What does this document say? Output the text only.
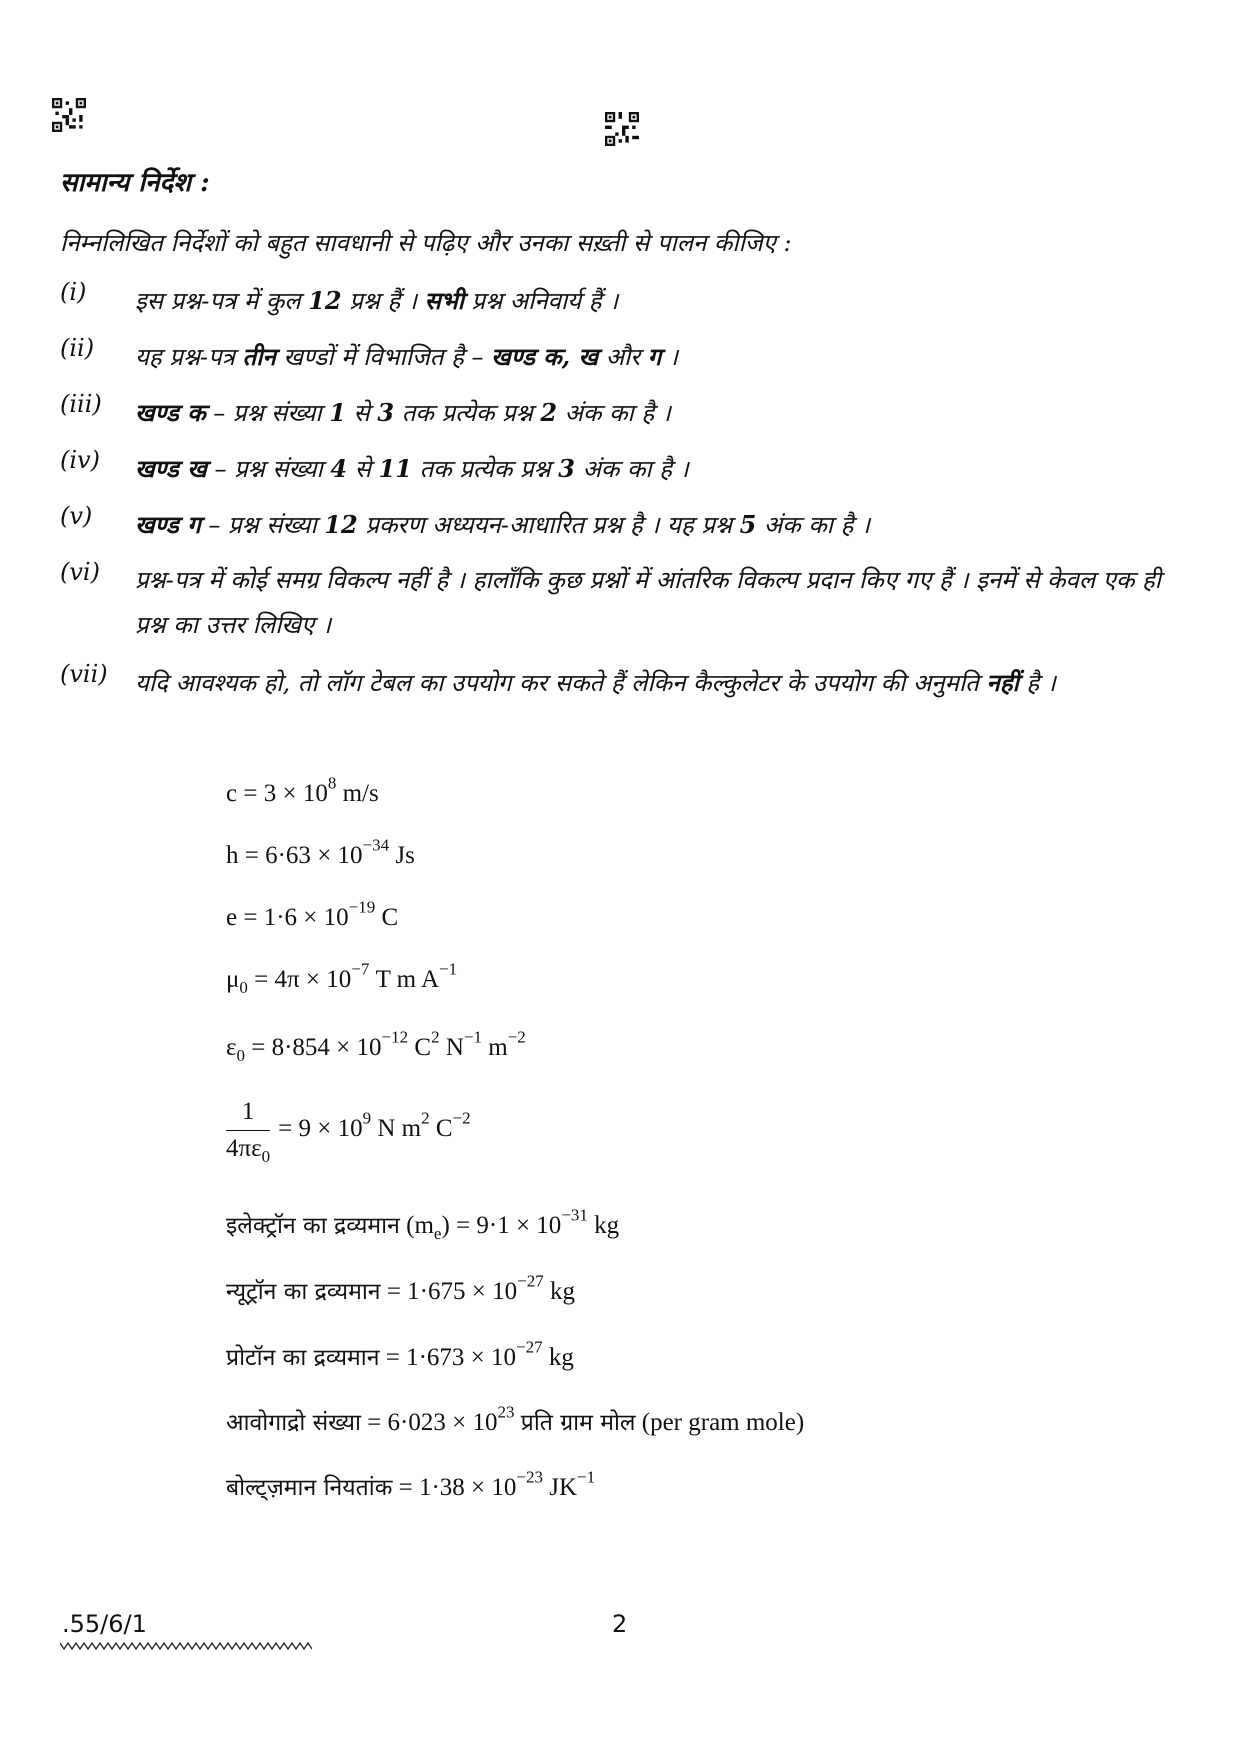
सामान्य निर्देश :
निम्नलिखित निर्देशों को बहुत सावधानी से पढ़िए और उनका सख़्ती से पालन कीजिए :
(i)	इस प्रश्न-पत्र में कुल 12 प्रश्न हैं । सभी प्रश्न अनिवार्य हैं ।
(ii)	यह प्रश्न-पत्र तीन खण्डों में विभाजित है – खण्ड क, ख और ग ।
(iii)	खण्ड क – प्रश्न संख्या 1 से 3 तक प्रत्येक प्रश्न 2 अंक का है ।
(iv)	खण्ड ख – प्रश्न संख्या 4 से 11 तक प्रत्येक प्रश्न 3 अंक का है ।
(v)	खण्ड ग – प्रश्न संख्या 12 प्रकरण अध्ययन-आधारित प्रश्न है । यह प्रश्न 5 अंक का है ।
(vi)	प्रश्न-पत्र में कोई समग्र विकल्प नहीं है । हालाँकि कुछ प्रश्नों में आंतरिक विकल्प प्रदान किए गए हैं । इनमें से केवल एक ही प्रश्न का उत्तर लिखिए ।
(vii)	यदि आवश्यक हो, तो लॉग टेबल का उपयोग कर सकते हैं लेकिन कैल्कुलेटर के उपयोग की अनुमति नहीं है ।
$c = 3 \times 10^8$ m/s
$h = 6\cdot 63 \times 10^{-34}$ Js
$e = 1\cdot 6 \times 10^{-19}$ C
$\mu_0 = 4\pi \times 10^{-7}$ T m $A^{-1}$
$\varepsilon_0 = 8\cdot 854 \times 10^{-12}$ $C^2$ $N^{-1}$ $m^{-2}$
$\frac{1}{4\pi\varepsilon_0} = 9 \times 10^9$ N $m^2$ $C^{-2}$
इलेक्ट्रॉन का द्रव्यमान $(m_e) = 9\cdot 1 \times 10^{-31}$ kg
न्यूट्रॉन का द्रव्यमान = $1\cdot 675 \times 10^{-27}$ kg
प्रोटॉन का द्रव्यमान = $1\cdot 673 \times 10^{-27}$ kg
आवोगाद्रो संख्या = $6\cdot 023 \times 10^{23}$ प्रति ग्राम मोल (per gram mole)
बोल्ट्ज़मान नियतांक = $1\cdot 38 \times 10^{-23}$ $JK^{-1}$
.55/6/1	2
